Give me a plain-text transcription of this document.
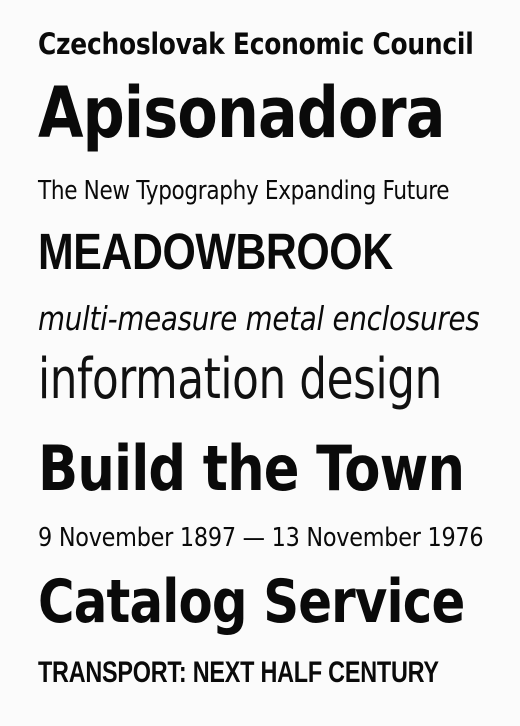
Czechoslovak Economic Council
Apisonadora
The New Typography Expanding Future
MEADOWBROOK
multi-measure metal enclosures
information design
Build the Town
9 November 1897 — 13 November 1976
Catalog Service
TRANSPORT: NEXT HALF CENTURY
